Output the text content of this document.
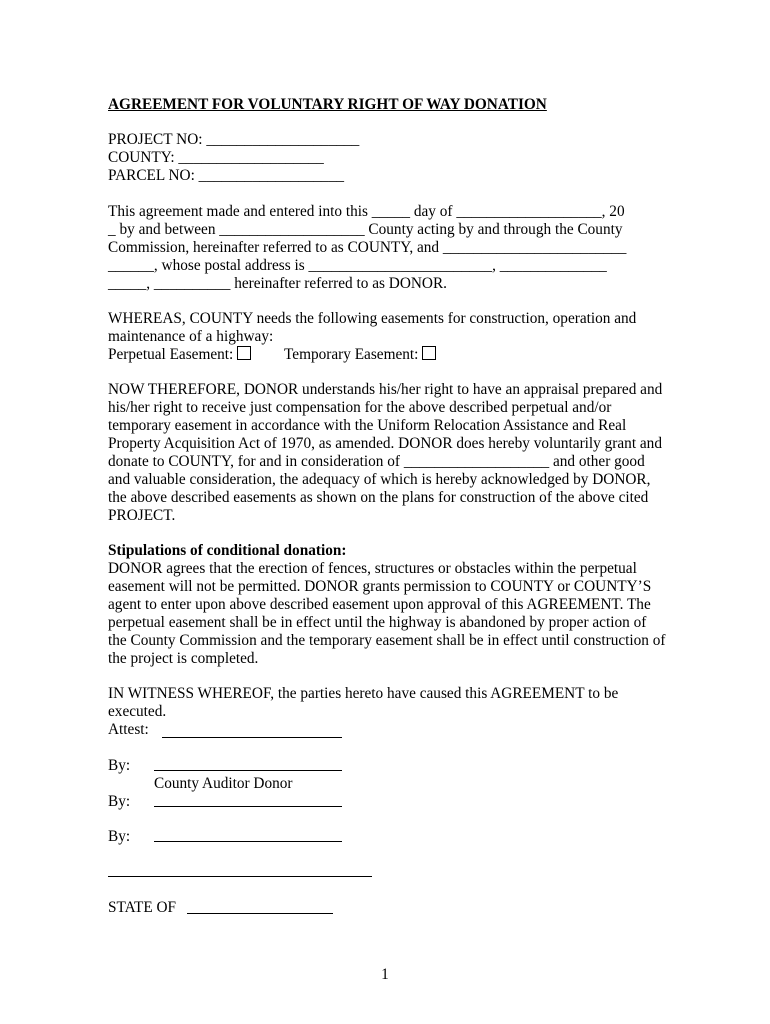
AGREEMENT FOR VOLUNTARY RIGHT OF WAY DONATION
PROJECT NO: ____________________
COUNTY: ___________________
PARCEL NO: ___________________
This agreement made and entered into this _____ day of ___________________, 20
_ by and between ___________________ County acting by and through the County
Commission, hereinafter referred to as COUNTY, and ________________________
______, whose postal address is ________________________, ______________
_____, __________ hereinafter referred to as DONOR.
WHEREAS, COUNTY needs the following easements for construction, operation and
maintenance of a highway:
Perpetual Easement:	Temporary Easement:
NOW THEREFORE, DONOR understands his/her right to have an appraisal prepared and
his/her right to receive just compensation for the above described perpetual and/or
temporary easement in accordance with the Uniform Relocation Assistance and Real
Property Acquisition Act of 1970, as amended. DONOR does hereby voluntarily grant and
donate to COUNTY, for and in consideration of ___________________ and other good
and valuable consideration, the adequacy of which is hereby acknowledged by DONOR,
the above described easements as shown on the plans for construction of the above cited
PROJECT.
Stipulations of conditional donation:
DONOR agrees that the erection of fences, structures or obstacles within the perpetual
easement will not be permitted. DONOR grants permission to COUNTY or COUNTY’S
agent to enter upon above described easement upon approval of this AGREEMENT. The
perpetual easement shall be in effect until the highway is abandoned by proper action of
the County Commission and the temporary easement shall be in effect until construction of
the project is completed.
IN WITNESS WHEREOF, the parties hereto have caused this AGREEMENT to be
executed.
Attest:
By:
County Auditor Donor
By:
By:
STATE OF
1
